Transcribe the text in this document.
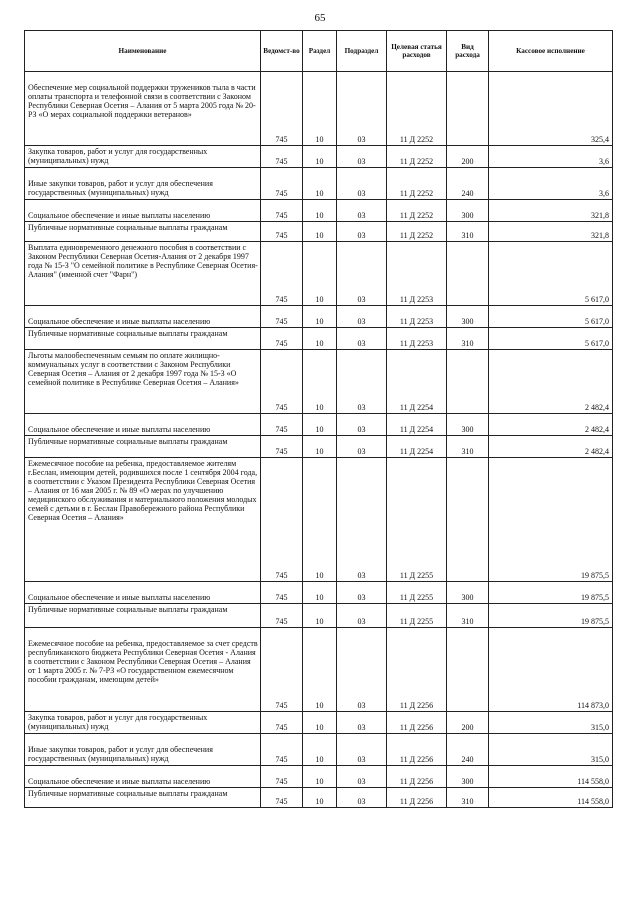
65
Наименование	Ведомст-во	Раздел	Подраздел	Целевая статья расходов	Вид расхода	Кассовое исполнение

Обеспечение мер социальной поддержки тружеников тыла в части оплаты транспорта и телефонной связи в соответствии с Законом Республики Северная Осетия – Алания от 5 марта 2005 года № 20-РЗ «О мерах социальной поддержки ветеранов»	745	10	03	11 Д 2252		325,4

Закупка товаров, работ и услуг для государственных (муниципальных) нужд	745	10	03	11 Д 2252	200	3,6

Иные закупки товаров, работ и услуг для обеспечения государственных (муниципальных) нужд	745	10	03	11 Д 2252	240	3,6

Социальное обеспечение и иные выплаты населению	745	10	03	11 Д 2252	300	321,8

Публичные нормативные социальные выплаты гражданам	745	10	03	11 Д 2252	310	321,8

Выплата единовременного денежного пособия в соответствии с Законом Республики Северная Осетия-Алания от 2 декабря 1997 года № 15-З "О семейной политике в Республике Северная Осетия-Алания" (именной счет "Фарн")	745	10	03	11 Д 2253		5 617,0

Социальное обеспечение и иные выплаты населению	745	10	03	11 Д 2253	300	5 617,0

Публичные нормативные социальные выплаты гражданам	745	10	03	11 Д 2253	310	5 617,0

Льготы малообеспеченным семьям по оплате жилищно-коммунальных услуг в соответствии с Законом Республики Северная Осетия – Алания от 2 декабря 1997 года № 15-З «О семейной политике в Республике Северная Осетия – Алания»	745	10	03	11 Д 2254		2 482,4

Социальное обеспечение и иные выплаты населению	745	10	03	11 Д 2254	300	2 482,4

Публичные нормативные социальные выплаты гражданам	745	10	03	11 Д 2254	310	2 482,4

Ежемесячное пособие на ребенка, предоставляемое жителям г.Беслан, имеющим детей, родившихся после 1 сентября 2004 года, в соответствии с Указом Президента Республики Северная Осетия – Алания от 16 мая 2005 г. № 89 «О мерах по улучшению медицинского обслуживания и материального положения молодых семей с детьми в г. Беслан Правобережного района Республики Северная Осетия – Алания»	745	10	03	11 Д 2255		19 875,5

Социальное обеспечение и иные выплаты населению	745	10	03	11 Д 2255	300	19 875,5

Публичные нормативные социальные выплаты гражданам	745	10	03	11 Д 2255	310	19 875,5

Ежемесячное пособие на ребенка, предоставляемое за счет средств республиканского бюджета Республики Северная Осетия - Алания в соответствии с Законом Республики Северная Осетия – Алания от 1 марта 2005 г. № 7-РЗ «О государственном ежемесячном пособии гражданам, имеющим детей»	745	10	03	11 Д 2256		114 873,0

Закупка товаров, работ и услуг для государственных (муниципальных) нужд	745	10	03	11 Д 2256	200	315,0

Иные закупки товаров, работ и услуг для обеспечения государственных (муниципальных) нужд	745	10	03	11 Д 2256	240	315,0

Социальное обеспечение и иные выплаты населению	745	10	03	11 Д 2256	300	114 558,0

Публичные нормативные социальные выплаты гражданам	745	10	03	11 Д 2256	310	114 558,0
